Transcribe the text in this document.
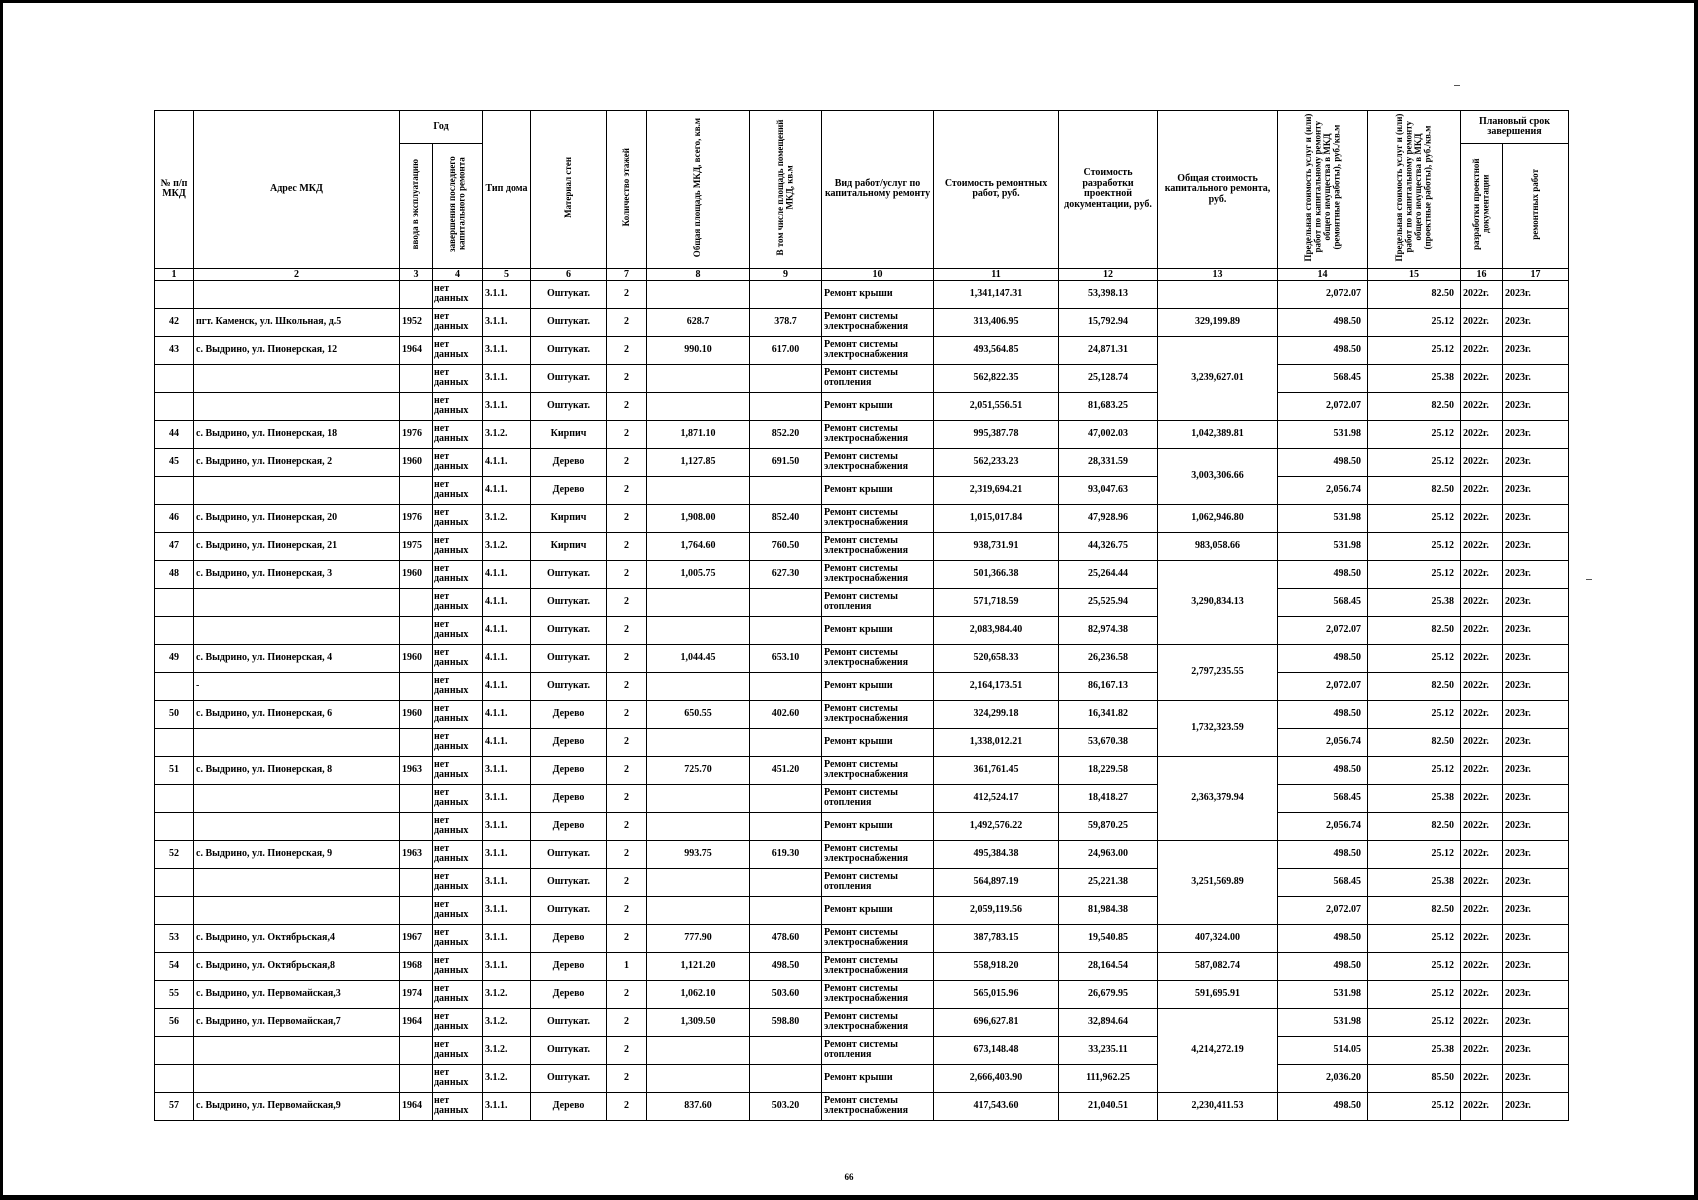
№ п/п МКД	Адрес МКД	Год		Тип дома	Материал стен	Количество этажей	Общая площадь МКД, всего, кв.м	В том числе площадь помещений МКД, кв.м	Вид работ/услуг по капитальному ремонту	Стоимость ремонтных работ, руб.	Стоимость разработки проектной документации, руб.	Общая стоимость капитального ремонта, руб.	Предельная стоимость услуг и (или) работ по капитальному ремонту общего имущества в МКД (ремонтные работы), руб./кв.м	Предельная стоимость услуг и (или) работ по капитальному ремонту общего имущества в МКД (проектные работы), руб./кв.м	Плановый срок завершения	
		ввода в эксплуатацию	завершения последнего капитального ремонта												разработки проектной документации	ремонтных работ
1	2	3	4	5	6	7	8	9	10	11	12	13	14	15	16	17
			нет данных	3.1.1.	Оштукат.	2			Ремонт крыши	1,341,147.31	53,398.13		2,072.07	82.50	2022г.	2023г.
42	пгт. Каменск, ул. Школьная, д.5	1952	нет данных	3.1.1.	Оштукат.	2	628.7	378.7	Ремонт системы электроснабжения	313,406.95	15,792.94	329,199.89	498.50	25.12	2022г.	2023г.
43	с. Выдрино, ул. Пионерская, 12	1964	нет данных	3.1.1.	Оштукат.	2	990.10	617.00	Ремонт системы электроснабжения	493,564.85	24,871.31	3,239,627.01	498.50	25.12	2022г.	2023г.
			нет данных	3.1.1.	Оштукат.	2			Ремонт системы отопления	562,822.35	25,128.74		568.45	25.38	2022г.	2023г.
			нет данных	3.1.1.	Оштукат.	2			Ремонт крыши	2,051,556.51	81,683.25		2,072.07	82.50	2022г.	2023г.
44	с. Выдрино, ул. Пионерская, 18	1976	нет данных	3.1.2.	Кирпич	2	1,871.10	852.20	Ремонт системы электроснабжения	995,387.78	47,002.03	1,042,389.81	531.98	25.12	2022г.	2023г.
45	с. Выдрино, ул. Пионерская, 2	1960	нет данных	4.1.1.	Дерево	2	1,127.85	691.50	Ремонт системы электроснабжения	562,233.23	28,331.59	3,003,306.66	498.50	25.12	2022г.	2023г.
			нет данных	4.1.1.	Дерево	2			Ремонт крыши	2,319,694.21	93,047.63		2,056.74	82.50	2022г.	2023г.
46	с. Выдрино, ул. Пионерская, 20	1976	нет данных	3.1.2.	Кирпич	2	1,908.00	852.40	Ремонт системы электроснабжения	1,015,017.84	47,928.96	1,062,946.80	531.98	25.12	2022г.	2023г.
47	с. Выдрино, ул. Пионерская, 21	1975	нет данных	3.1.2.	Кирпич	2	1,764.60	760.50	Ремонт системы электроснабжения	938,731.91	44,326.75	983,058.66	531.98	25.12	2022г.	2023г.
48	с. Выдрино, ул. Пионерская, 3	1960	нет данных	4.1.1.	Оштукат.	2	1,005.75	627.30	Ремонт системы электроснабжения	501,366.38	25,264.44	3,290,834.13	498.50	25.12	2022г.	2023г.
			нет данных	4.1.1.	Оштукат.	2			Ремонт системы отопления	571,718.59	25,525.94		568.45	25.38	2022г.	2023г.
			нет данных	4.1.1.	Оштукат.	2			Ремонт крыши	2,083,984.40	82,974.38		2,072.07	82.50	2022г.	2023г.
49	с. Выдрино, ул. Пионерская, 4	1960	нет данных	4.1.1.	Оштукат.	2	1,044.45	653.10	Ремонт системы электроснабжения	520,658.33	26,236.58	2,797,235.55	498.50	25.12	2022г.	2023г.
	-		нет данных	4.1.1.	Оштукат.	2			Ремонт крыши	2,164,173.51	86,167.13		2,072.07	82.50	2022г.	2023г.
50	с. Выдрино, ул. Пионерская, 6	1960	нет данных	4.1.1.	Дерево	2	650.55	402.60	Ремонт системы электроснабжения	324,299.18	16,341.82	1,732,323.59	498.50	25.12	2022г.	2023г.
			нет данных	4.1.1.	Дерево	2			Ремонт крыши	1,338,012.21	53,670.38		2,056.74	82.50	2022г.	2023г.
51	с. Выдрино, ул. Пионерская, 8	1963	нет данных	3.1.1.	Дерево	2	725.70	451.20	Ремонт системы электроснабжения	361,761.45	18,229.58	2,363,379.94	498.50	25.12	2022г.	2023г.
			нет данных	3.1.1.	Дерево	2			Ремонт системы отопления	412,524.17	18,418.27		568.45	25.38	2022г.	2023г.
			нет данных	3.1.1.	Дерево	2			Ремонт крыши	1,492,576.22	59,870.25		2,056.74	82.50	2022г.	2023г.
52	с. Выдрино, ул. Пионерская, 9	1963	нет данных	3.1.1.	Оштукат.	2	993.75	619.30	Ремонт системы электроснабжения	495,384.38	24,963.00	3,251,569.89	498.50	25.12	2022г.	2023г.
			нет данных	3.1.1.	Оштукат.	2			Ремонт системы отопления	564,897.19	25,221.38		568.45	25.38	2022г.	2023г.
			нет данных	3.1.1.	Оштукат.	2			Ремонт крыши	2,059,119.56	81,984.38		2,072.07	82.50	2022г.	2023г.
53	с. Выдрино, ул. Октябрьская,4	1967	нет данных	3.1.1.	Дерево	2	777.90	478.60	Ремонт системы электроснабжения	387,783.15	19,540.85	407,324.00	498.50	25.12	2022г.	2023г.
54	с. Выдрино, ул. Октябрьская,8	1968	нет данных	3.1.1.	Дерево	1	1,121.20	498.50	Ремонт системы электроснабжения	558,918.20	28,164.54	587,082.74	498.50	25.12	2022г.	2023г.
55	с. Выдрино, ул. Первомайская,3	1974	нет данных	3.1.2.	Дерево	2	1,062.10	503.60	Ремонт системы электроснабжения	565,015.96	26,679.95	591,695.91	531.98	25.12	2022г.	2023г.
56	с. Выдрино, ул. Первомайская,7	1964	нет данных	3.1.2.	Оштукат.	2	1,309.50	598.80	Ремонт системы электроснабжения	696,627.81	32,894.64	4,214,272.19	531.98	25.12	2022г.	2023г.
			нет данных	3.1.2.	Оштукат.	2			Ремонт системы отопления	673,148.48	33,235.11		514.05	25.38	2022г.	2023г.
			нет данных	3.1.2.	Оштукат.	2			Ремонт крыши	2,666,403.90	111,962.25		2,036.20	85.50	2022г.	2023г.
57	с. Выдрино, ул. Первомайская,9	1964	нет данных	3.1.1.	Дерево	2	837.60	503.20	Ремонт системы электроснабжения	417,543.60	21,040.51	2,230,411.53	498.50	25.12	2022г.	2023г.
66
